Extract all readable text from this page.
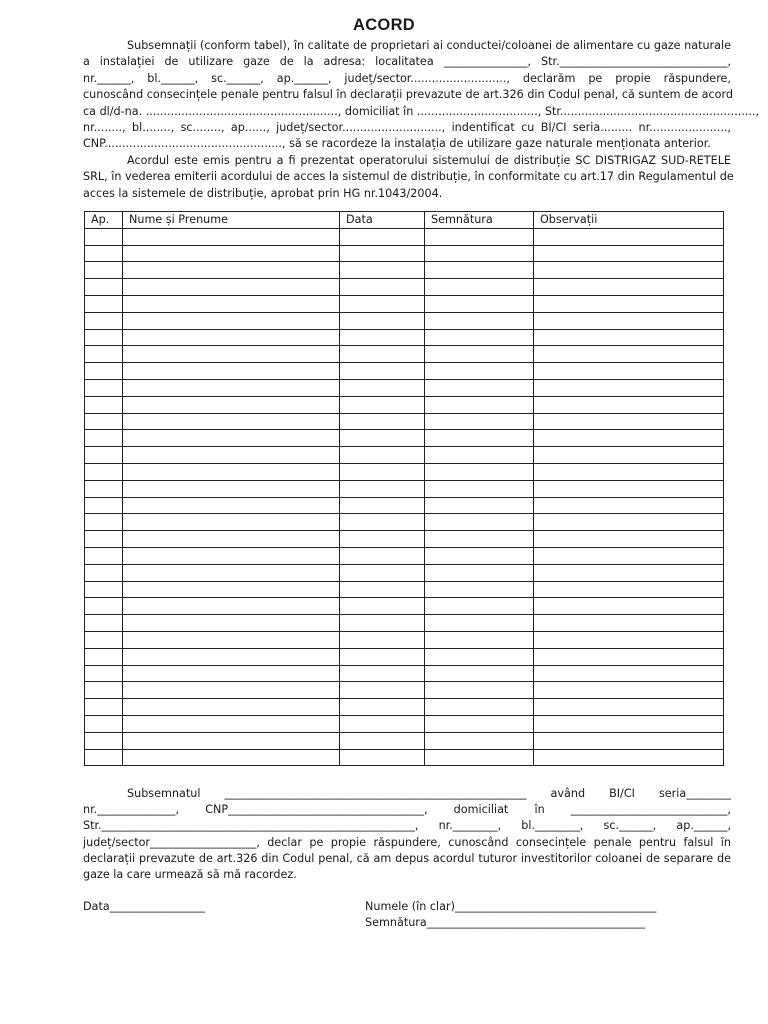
ACORD
Subsemnații (conform tabel), în calitate de proprietari ai conductei/coloanei de alimentare cu gaze naturale
a instalației de utilizare gaze de la adresa: localitatea _______________, Str.______________________________,
nr.______, bl.______, sc.______, ap.______, județ/sector..........................., declarăm pe propie răspundere,
cunoscând consecințele penale pentru falsul în declarații prevazute de art.326 din Codul penal, că suntem de acord
ca dl/d-na. ......................................................, domiciliat în .................................., Str.......................................................,
nr........, bl........, sc........, ap......, județ/sector............................, indentificat cu BI/CI seria......... nr......................,
CNP.................................................., să se racordeze la instalația de utilizare gaze naturale menționata anterior.
Acordul este emis pentru a fi prezentat operatorului sistemului de distribuție SC DISTRIGAZ SUD-RETELE
SRL, în vederea emiterii acordului de acces la sistemul de distribuție, în conformitate cu art.17 din Regulamentul de
acces la sistemele de distribuție, aprobat prin HG nr.1043/2004.
Ap.	Nume și Prenume	Data	Semnătura	Observații

Subsemnatul ______________________________________________________ având BI/CI seria________
nr.______________, CNP___________________________________, domiciliat în ____________________________,
Str.________________________________________________________, nr.________, bl.________, sc.______, ap.______,
județ/sector___________________, declar pe propie răspundere, cunoscând consecințele penale pentru falsul în
declarații prevazute de art.326 din Codul penal, că am depus acordul tuturor investitorilor coloanei de separare de
gaze la care urmează să mă racordez.
Data_________________	Numele (în clar)____________________________________
Semnătura_______________________________________
